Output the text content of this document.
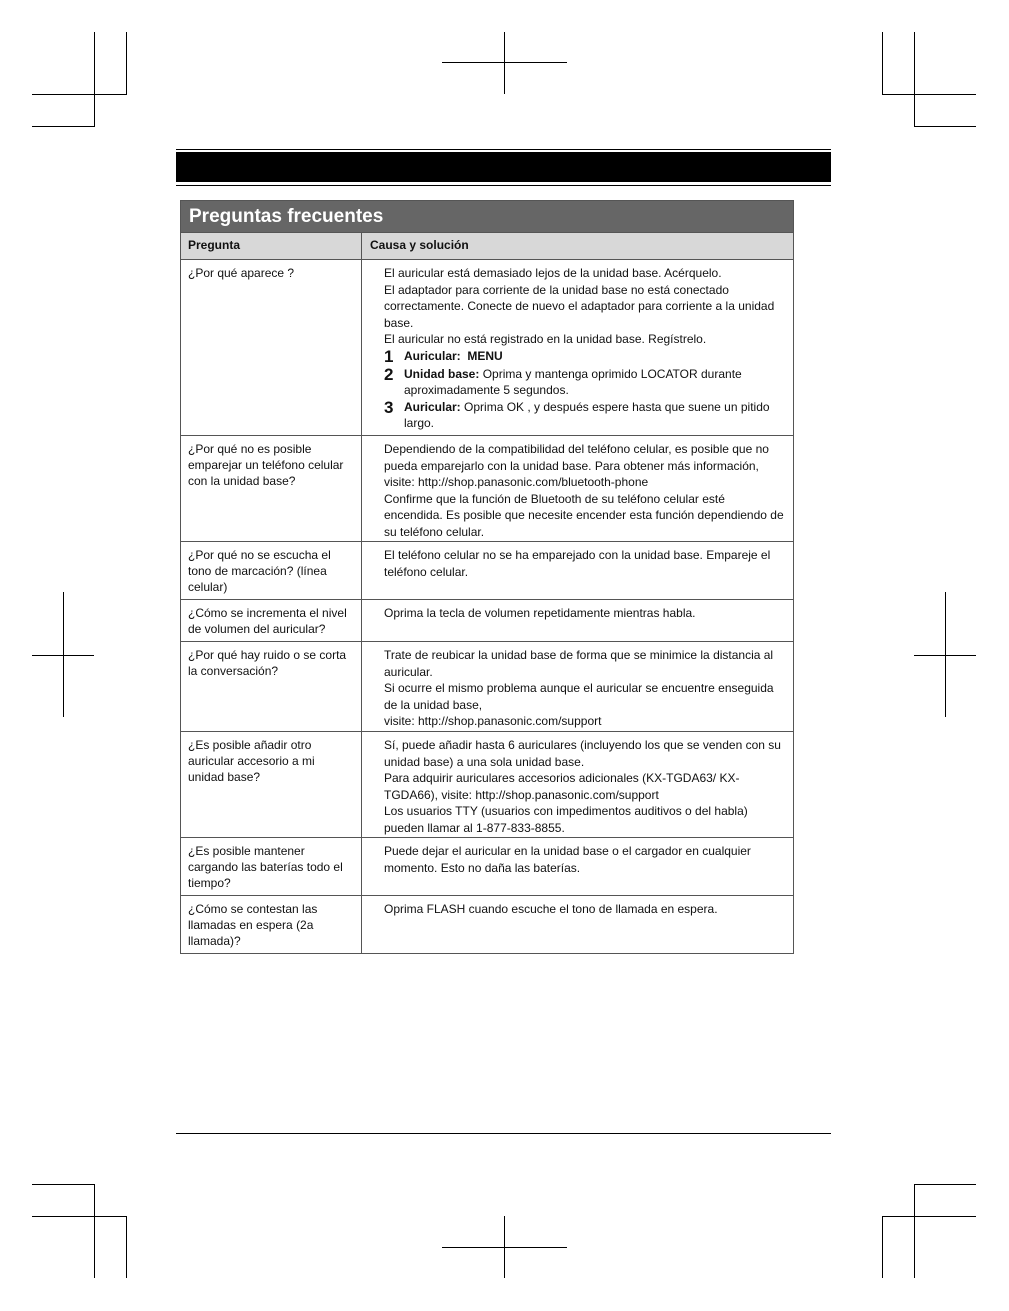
Preguntas frecuentes
Pregunta	Causa y solución
¿Por qué aparece ?	El auricular está demasiado lejos de la unidad base. Acérquelo.

El adaptador para corriente de la unidad base no está conectado correctamente. Conecte de nuevo el adaptador para corriente a la unidad base.

El auricular no está registrado en la unidad base. Regístrelo.

1 Auricular: MENU
2 Unidad base: Oprima y mantenga oprimido LOCATOR durante aproximadamente 5 segundos.
3 Auricular: Oprima OK , y después espere hasta que suene un pitido largo.
¿Por qué no es posible emparejar un teléfono celular con la unidad base?

Dependiendo de la compatibilidad del teléfono celular, es posible que no pueda emparejarlo con la unidad base. Para obtener más información, visite: http://shop.panasonic.com/bluetooth-phone

Confirme que la función de Bluetooth de su teléfono celular esté encendida. Es posible que necesite encender esta función dependiendo de su teléfono celular.

¿Por qué no se escucha el tono de marcación? (línea celular)

El teléfono celular no se ha emparejado con la unidad base. Empareje el teléfono celular.

¿Cómo se incrementa el nivel de volumen del auricular?

Oprima la tecla de volumen repetidamente mientras habla.

¿Por qué hay ruido o se corta la conversación?

Trate de reubicar la unidad base de forma que se minimice la distancia al auricular.

Si ocurre el mismo problema aunque el auricular se encuentre enseguida de la unidad base,

visite: http://shop.panasonic.com/support

¿Es posible añadir otro auricular accesorio a mi unidad base?

Sí, puede añadir hasta 6 auriculares (incluyendo los que se venden con su unidad base) a una sola unidad base.

Para adquirir auriculares accesorios adicionales (KX-TGDA63/ KX-TGDA66), visite: http://shop.panasonic.com/support

Los usuarios TTY (usuarios con impedimentos auditivos o del habla) pueden llamar al 1-877-833-8855.

¿Es posible mantener cargando las baterías todo el tiempo?

Puede dejar el auricular en la unidad base o el cargador en cualquier momento. Esto no daña las baterías.

¿Cómo se contestan las llamadas en espera (2a llamada)?

Oprima FLASH cuando escuche el tono de llamada en espera.
